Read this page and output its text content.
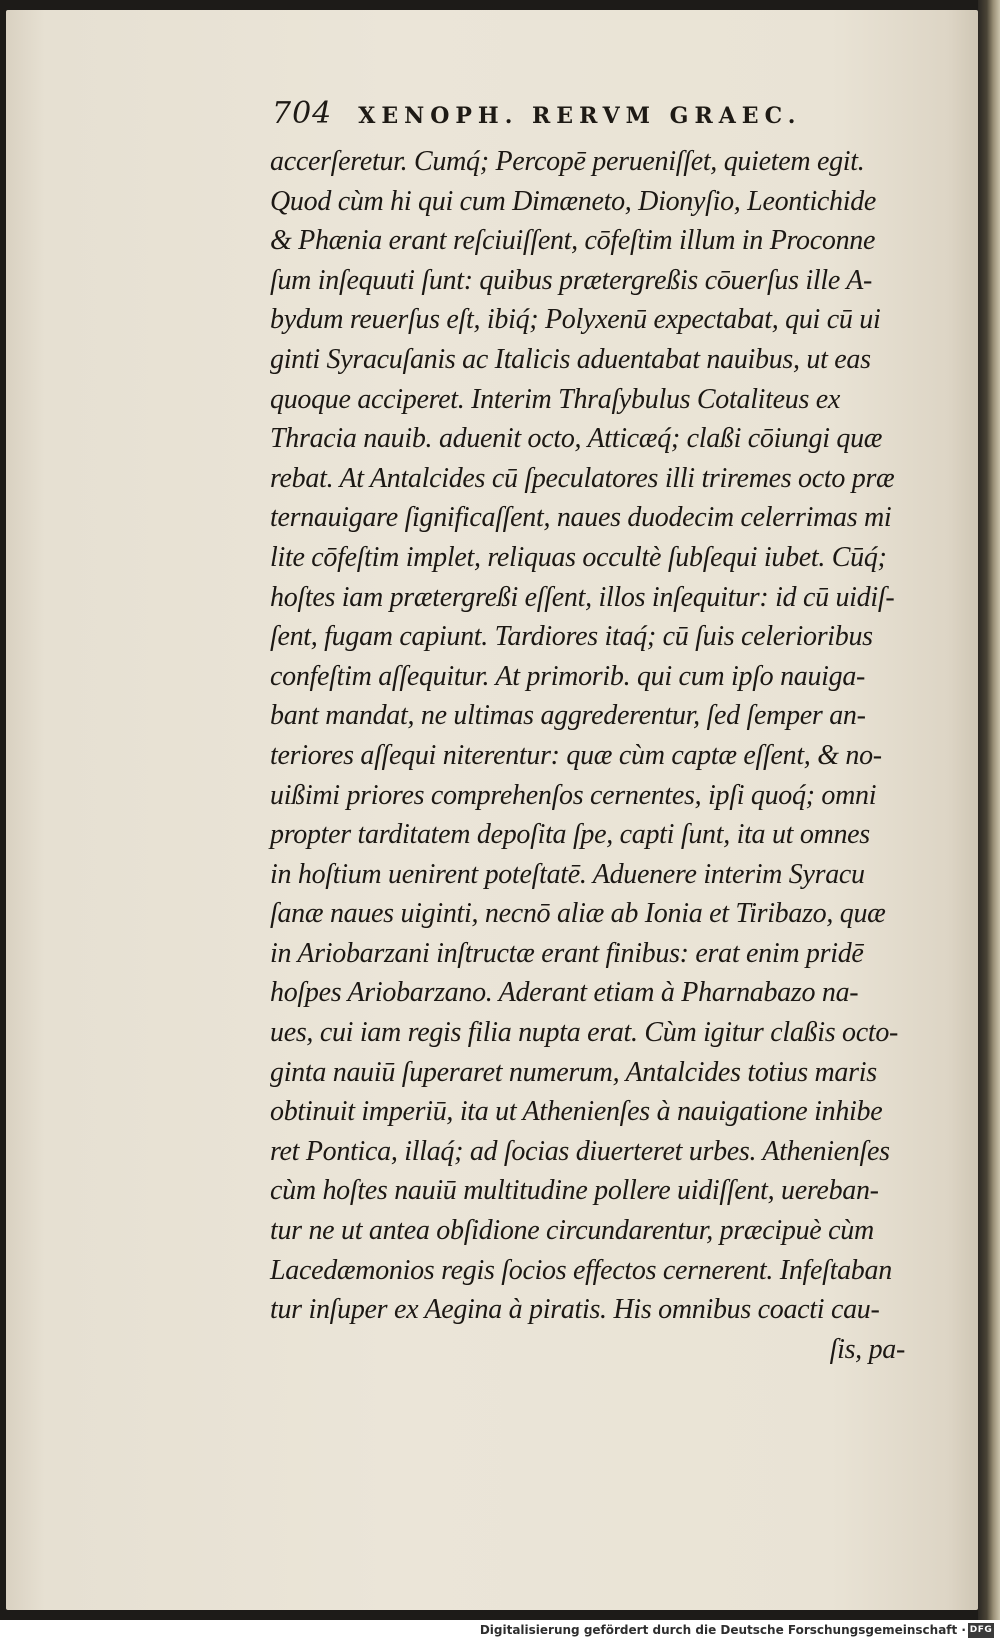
704 XENOPH. RERVM GRAEC.
accerſeretur. Cumq́; Percopē perueniſſet, quietem egit.
Quod cùm hi qui cum Dimæneto, Dionyſio, Leontichide
& Phænia erant reſciuiſſent, cōfeſtim illum in Proconne
ſum inſequuti ſunt: quibus prætergreßis cōuerſus ille A-
bydum reuerſus eſt, ibiq́; Polyxenū expectabat, qui cū ui
ginti Syracuſanis ac Italicis aduentabat nauibus, ut eas
quoque acciperet. Interim Thraſybulus Cotaliteus ex
Thracia nauib. aduenit octo, Atticæq́; claßi cōiungi quæ
rebat. At Antalcides cū ſpeculatores illi triremes octo præ
ternauigare ſignificaſſent, naues duodecim celerrimas mi
lite cōfeſtim implet, reliquas occultè ſubſequi iubet. Cūq́;
hoſtes iam prætergreßi eſſent, illos inſequitur: id cū uidiſ-
ſent, fugam capiunt. Tardiores itaq́; cū ſuis celerioribus
confeſtim aſſequitur. At primorib. qui cum ipſo nauiga-
bant mandat, ne ultimas aggrederentur, ſed ſemper an-
teriores aſſequi niterentur: quæ cùm captæ eſſent, & no-
uißimi priores comprehenſos cernentes, ipſi quoq́; omni
propter tarditatem depoſita ſpe, capti ſunt, ita ut omnes
in hoſtium uenirent poteſtatē. Aduenere interim Syracu
ſanæ naues uiginti, necnō aliæ ab Ionia et Tiribazo, quæ
in Ariobarzani inſtructæ erant finibus: erat enim pridē
hoſpes Ariobarzano. Aderant etiam à Pharnabazo na-
ues, cui iam regis filia nupta erat. Cùm igitur claßis octo-
ginta nauiū ſuperaret numerum, Antalcides totius maris
obtinuit imperiū, ita ut Athenienſes à nauigatione inhibe
ret Pontica, illaq́; ad ſocias diuerteret urbes. Athenienſes
cùm hoſtes nauiū multitudine pollere uidiſſent, uereban-
tur ne ut antea obſidione circundarentur, præcipuè cùm
Lacedæmonios regis ſocios effectos cernerent. Infeſtaban
tur inſuper ex Aegina à piratis. His omnibus coacti cau-
ſis, pa-
Digitalisierung gefördert durch die Deutsche Forschungsgemeinschaft · DFG
